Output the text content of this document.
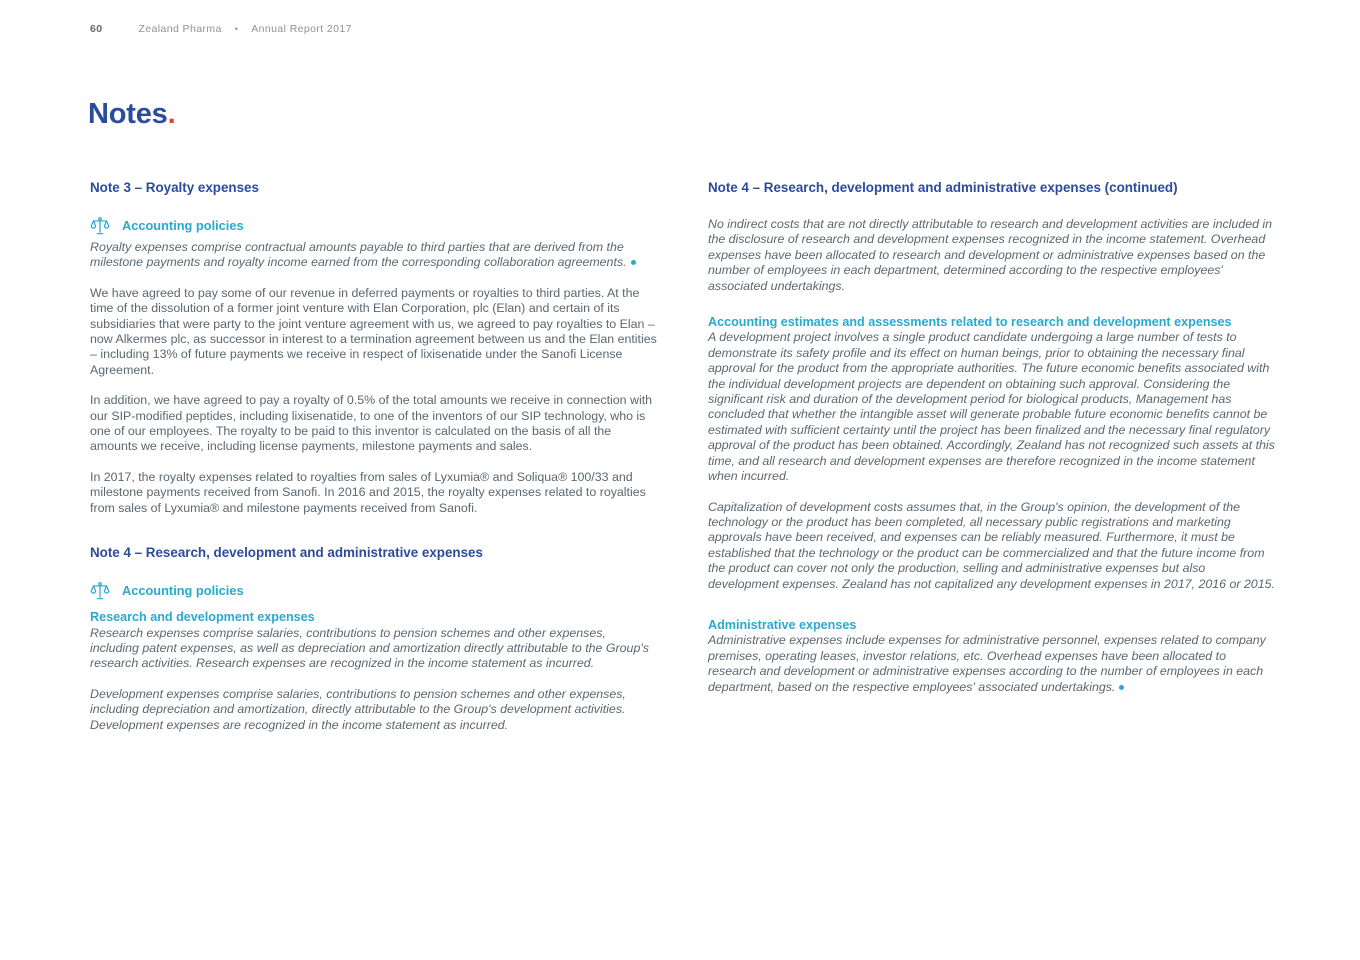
60	Zealand Pharma • Annual Report 2017
Notes.
Note 3 – Royalty expenses
Accounting policies

Royalty expenses comprise contractual amounts payable to third parties that are derived from the milestone payments and royalty income earned from the corresponding collaboration agreements.

We have agreed to pay some of our revenue in deferred payments or royalties to third parties. At the time of the dissolution of a former joint venture with Elan Corporation, plc (Elan) and certain of its subsidiaries that were party to the joint venture agreement with us, we agreed to pay royalties to Elan – now Alkermes plc, as successor in interest to a termination agreement between us and the Elan entities – including 13% of future payments we receive in respect of lixisenatide under the Sanofi License Agreement.

In addition, we have agreed to pay a royalty of 0.5% of the total amounts we receive in connection with our SIP-modified peptides, including lixisenatide, to one of the inventors of our SIP technology, who is one of our employees. The royalty to be paid to this inventor is calculated on the basis of all the amounts we receive, including license payments, milestone payments and sales.

In 2017, the royalty expenses related to royalties from sales of Lyxumia® and Soliqua® 100/33 and milestone payments received from Sanofi. In 2016 and 2015, the royalty expenses related to royalties from sales of Lyxumia® and milestone payments received from Sanofi.

Note 4 – Research, development and administrative expenses
Accounting policies
Research and development expenses

Research expenses comprise salaries, contributions to pension schemes and other expenses, including patent expenses, as well as depreciation and amortization directly attributable to the Group's research activities. Research expenses are recognized in the income statement as incurred.

Development expenses comprise salaries, contributions to pension schemes and other expenses, including depreciation and amortization, directly attributable to the Group's development activities. Development expenses are recognized in the income statement as incurred.

Note 4 – Research, development and administrative expenses (continued)

No indirect costs that are not directly attributable to research and development activities are included in the disclosure of research and development expenses recognized in the income statement. Overhead expenses have been allocated to research and development or administrative expenses based on the number of employees in each department, determined according to the respective employees' associated undertakings.

Accounting estimates and assessments related to research and development expenses

A development project involves a single product candidate undergoing a large number of tests to demonstrate its safety profile and its effect on human beings, prior to obtaining the necessary final approval for the product from the appropriate authorities. The future economic benefits associated with the individual development projects are dependent on obtaining such approval. Considering the significant risk and duration of the development period for biological products, Management has concluded that whether the intangible asset will generate probable future economic benefits cannot be estimated with sufficient certainty until the project has been finalized and the necessary final regulatory approval of the product has been obtained. Accordingly, Zealand has not recognized such assets at this time, and all research and development expenses are therefore recognized in the income statement when incurred.

Capitalization of development costs assumes that, in the Group's opinion, the development of the technology or the product has been completed, all necessary public registrations and marketing approvals have been received, and expenses can be reliably measured. Furthermore, it must be established that the technology or the product can be commercialized and that the future income from the product can cover not only the production, selling and administrative expenses but also development expenses. Zealand has not capitalized any development expenses in 2017, 2016 or 2015.

Administrative expenses

Administrative expenses include expenses for administrative personnel, expenses related to company premises, operating leases, investor relations, etc. Overhead expenses have been allocated to research and development or administrative expenses according to the number of employees in each department, based on the respective employees' associated undertakings.
